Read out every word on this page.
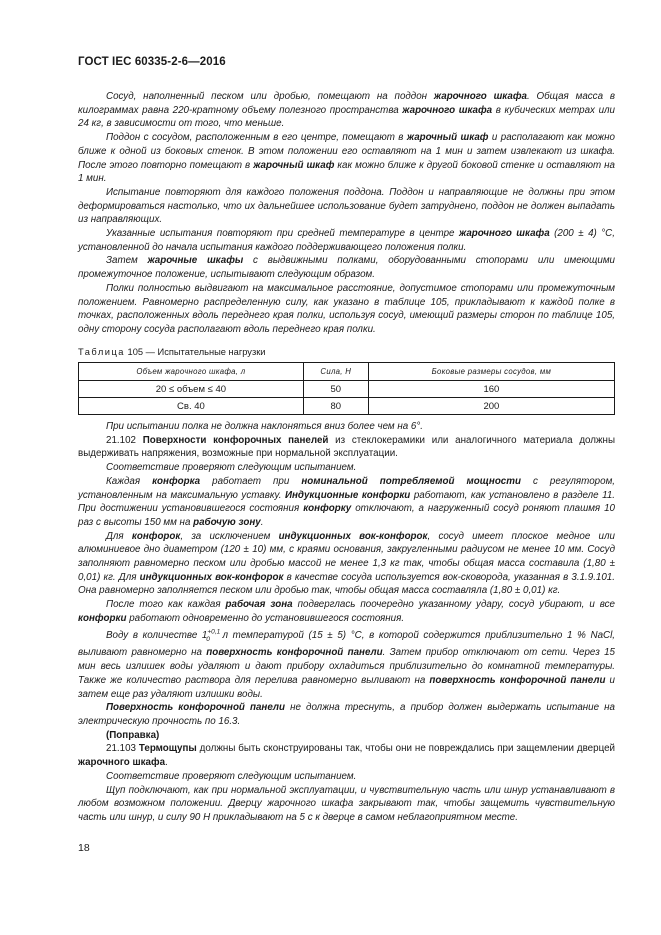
ГОСТ IEC 60335-2-6—2016

Сосуд, наполненный песком или дробью, помещают на поддон жарочного шкафа. Общая масса в килограммах равна 220-кратному объему полезного пространства жарочного шкафа в кубических метрах или 24 кг, в зависимости от того, что меньше.

Поддон с сосудом, расположенным в его центре, помещают в жарочный шкаф и располагают как можно ближе к одной из боковых стенок. В этом положении его оставляют на 1 мин и затем извлекают из шкафа. После этого повторно помещают в жарочный шкаф как можно ближе к другой боковой стенке и оставляют на 1 мин.

Испытание повторяют для каждого положения поддона. Поддон и направляющие не должны при этом деформироваться настолько, что их дальнейшее использование будет затруднено, поддон не должен выпадать из направляющих.

Указанные испытания повторяют при средней температуре в центре жарочного шкафа (200 ± 4) °С, установленной до начала испытания каждого поддерживающего положения полки.

Затем жарочные шкафы с выдвижными полками, оборудованными стопорами или имеющими промежуточное положение, испытывают следующим образом.

Полки полностью выдвигают на максимальное расстояние, допустимое стопорами или промежуточным положением. Равномерно распределенную силу, как указано в таблице 105, прикладывают к каждой полке в точках, расположенных вдоль переднего края полки, используя сосуд, имеющий размеры сторон по таблице 105, одну сторону сосуда располагают вдоль переднего края полки.

Таблица 105 — Испытательные нагрузки
Объем жарочного шкафа, л	Сила, Н	Боковые размеры сосудов, мм
20 ≤ объем ≤ 40	50	160
Св. 40	80	200

При испытании полка не должна наклоняться вниз более чем на 6°.

21.102 Поверхности конфорочных панелей из стеклокерамики или аналогичного материала должны выдерживать напряжения, возможные при нормальной эксплуатации.

Соответствие проверяют следующим испытанием.

Каждая конфорка работает при номинальной потребляемой мощности с регулятором, установленным на максимальную уставку. Индукционные конфорки работают, как установлено в разделе 11. При достижении установившегося состояния конфорку отключают, а нагруженный сосуд роняют плашмя 10 раз с высоты 150 мм на рабочую зону.

Для конфорок, за исключением индукционных вок-конфорок, сосуд имеет плоское медное или алюминиевое дно диаметром (120 ± 10) мм, с краями основания, закругленными радиусом не менее 10 мм. Сосуд заполняют равномерно песком или дробью массой не менее 1,3 кг так, чтобы общая масса составила (1,80 ± 0,01) кг. Для индукционных вок-конфорок в качестве сосуда используется вок-сковорода, указанная в 3.1.9.101. Она равномерно заполняется песком или дробью так, чтобы общая масса составляла (1,80 ± 0,01) кг.

После того как каждая рабочая зона подверглась поочередно указанному удару, сосуд убирают, и все конфорки работают одновременно до установившегося состояния.

Воду в количестве $1^{+0,1}_0$ л температурой (15 ± 5) °С, в которой содержится приблизительно 1 % NaCl, выливают равномерно на поверхность конфорочной панели. Затем прибор отключают от сети. Через 15 мин весь излишек воды удаляют и дают прибору охладиться приблизительно до комнатной температуры. Также же количество раствора для перелива равномерно выливают на поверхность конфорочной панели и затем еще раз удаляют излишки воды.

Поверхность конфорочной панели не должна треснуть, а прибор должен выдержать испытание на электрическую прочность по 16.3.

(Поправка)

21.103 Термощупы должны быть сконструированы так, чтобы они не повреждались при защемлении дверцей жарочного шкафа.

Соответствие проверяют следующим испытанием.

Щуп подключают, как при нормальной эксплуатации, и чувствительную часть или шнур устанавливают в любом возможном положении. Дверцу жарочного шкафа закрывают так, чтобы защемить чувствительную часть или шнур, и силу 90 Н прикладывают на 5 с к дверце в самом неблагоприятном месте.

18
